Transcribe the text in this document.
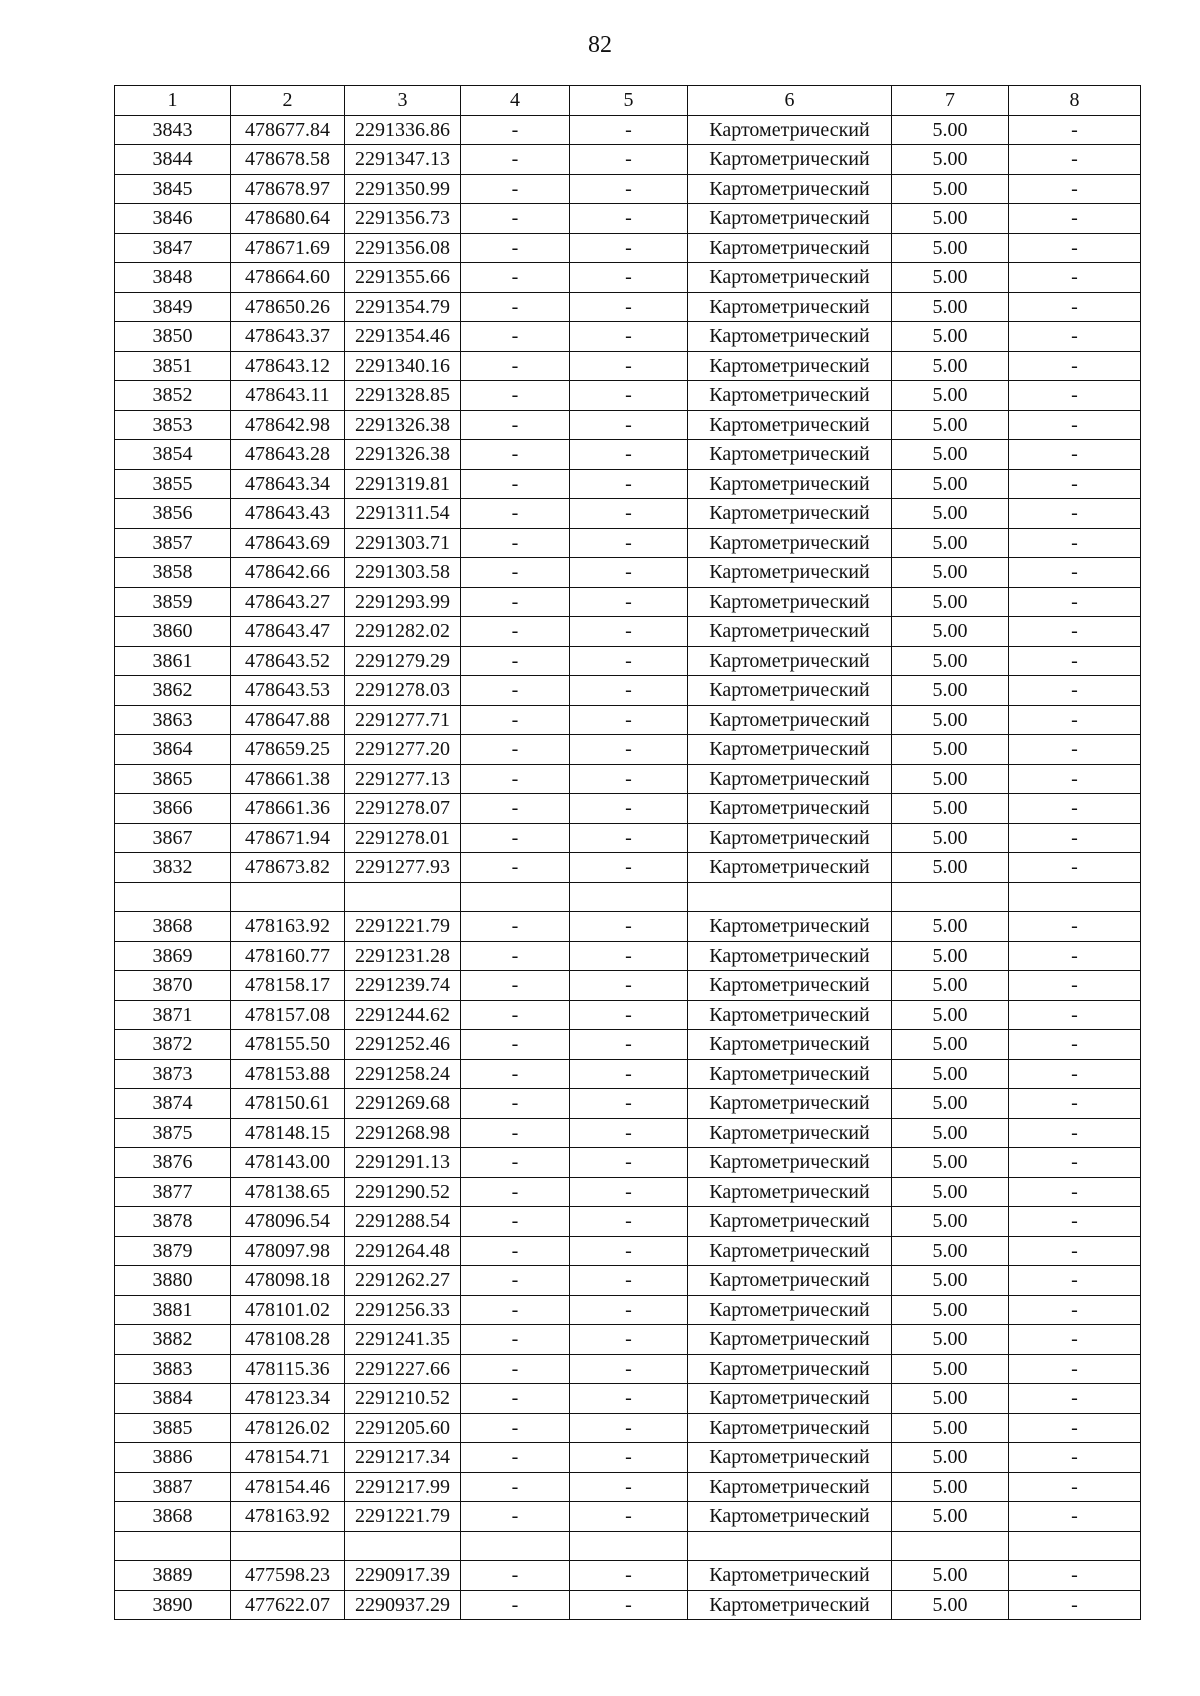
82
1	2	3	4	5	6	7	8
3843	478677.84	2291336.86	-	-	Картометрический	5.00	-
3844	478678.58	2291347.13	-	-	Картометрический	5.00	-
3845	478678.97	2291350.99	-	-	Картометрический	5.00	-
3846	478680.64	2291356.73	-	-	Картометрический	5.00	-
3847	478671.69	2291356.08	-	-	Картометрический	5.00	-
3848	478664.60	2291355.66	-	-	Картометрический	5.00	-
3849	478650.26	2291354.79	-	-	Картометрический	5.00	-
3850	478643.37	2291354.46	-	-	Картометрический	5.00	-
3851	478643.12	2291340.16	-	-	Картометрический	5.00	-
3852	478643.11	2291328.85	-	-	Картометрический	5.00	-
3853	478642.98	2291326.38	-	-	Картометрический	5.00	-
3854	478643.28	2291326.38	-	-	Картометрический	5.00	-
3855	478643.34	2291319.81	-	-	Картометрический	5.00	-
3856	478643.43	2291311.54	-	-	Картометрический	5.00	-
3857	478643.69	2291303.71	-	-	Картометрический	5.00	-
3858	478642.66	2291303.58	-	-	Картометрический	5.00	-
3859	478643.27	2291293.99	-	-	Картометрический	5.00	-
3860	478643.47	2291282.02	-	-	Картометрический	5.00	-
3861	478643.52	2291279.29	-	-	Картометрический	5.00	-
3862	478643.53	2291278.03	-	-	Картометрический	5.00	-
3863	478647.88	2291277.71	-	-	Картометрический	5.00	-
3864	478659.25	2291277.20	-	-	Картометрический	5.00	-
3865	478661.38	2291277.13	-	-	Картометрический	5.00	-
3866	478661.36	2291278.07	-	-	Картометрический	5.00	-
3867	478671.94	2291278.01	-	-	Картометрический	5.00	-
3832	478673.82	2291277.93	-	-	Картометрический	5.00	-

3868	478163.92	2291221.79	-	-	Картометрический	5.00	-
3869	478160.77	2291231.28	-	-	Картометрический	5.00	-
3870	478158.17	2291239.74	-	-	Картометрический	5.00	-
3871	478157.08	2291244.62	-	-	Картометрический	5.00	-
3872	478155.50	2291252.46	-	-	Картометрический	5.00	-
3873	478153.88	2291258.24	-	-	Картометрический	5.00	-
3874	478150.61	2291269.68	-	-	Картометрический	5.00	-
3875	478148.15	2291268.98	-	-	Картометрический	5.00	-
3876	478143.00	2291291.13	-	-	Картометрический	5.00	-
3877	478138.65	2291290.52	-	-	Картометрический	5.00	-
3878	478096.54	2291288.54	-	-	Картометрический	5.00	-
3879	478097.98	2291264.48	-	-	Картометрический	5.00	-
3880	478098.18	2291262.27	-	-	Картометрический	5.00	-
3881	478101.02	2291256.33	-	-	Картометрический	5.00	-
3882	478108.28	2291241.35	-	-	Картометрический	5.00	-
3883	478115.36	2291227.66	-	-	Картометрический	5.00	-
3884	478123.34	2291210.52	-	-	Картометрический	5.00	-
3885	478126.02	2291205.60	-	-	Картометрический	5.00	-
3886	478154.71	2291217.34	-	-	Картометрический	5.00	-
3887	478154.46	2291217.99	-	-	Картометрический	5.00	-
3868	478163.92	2291221.79	-	-	Картометрический	5.00	-

3889	477598.23	2290917.39	-	-	Картометрический	5.00	-
3890	477622.07	2290937.29	-	-	Картометрический	5.00	-
